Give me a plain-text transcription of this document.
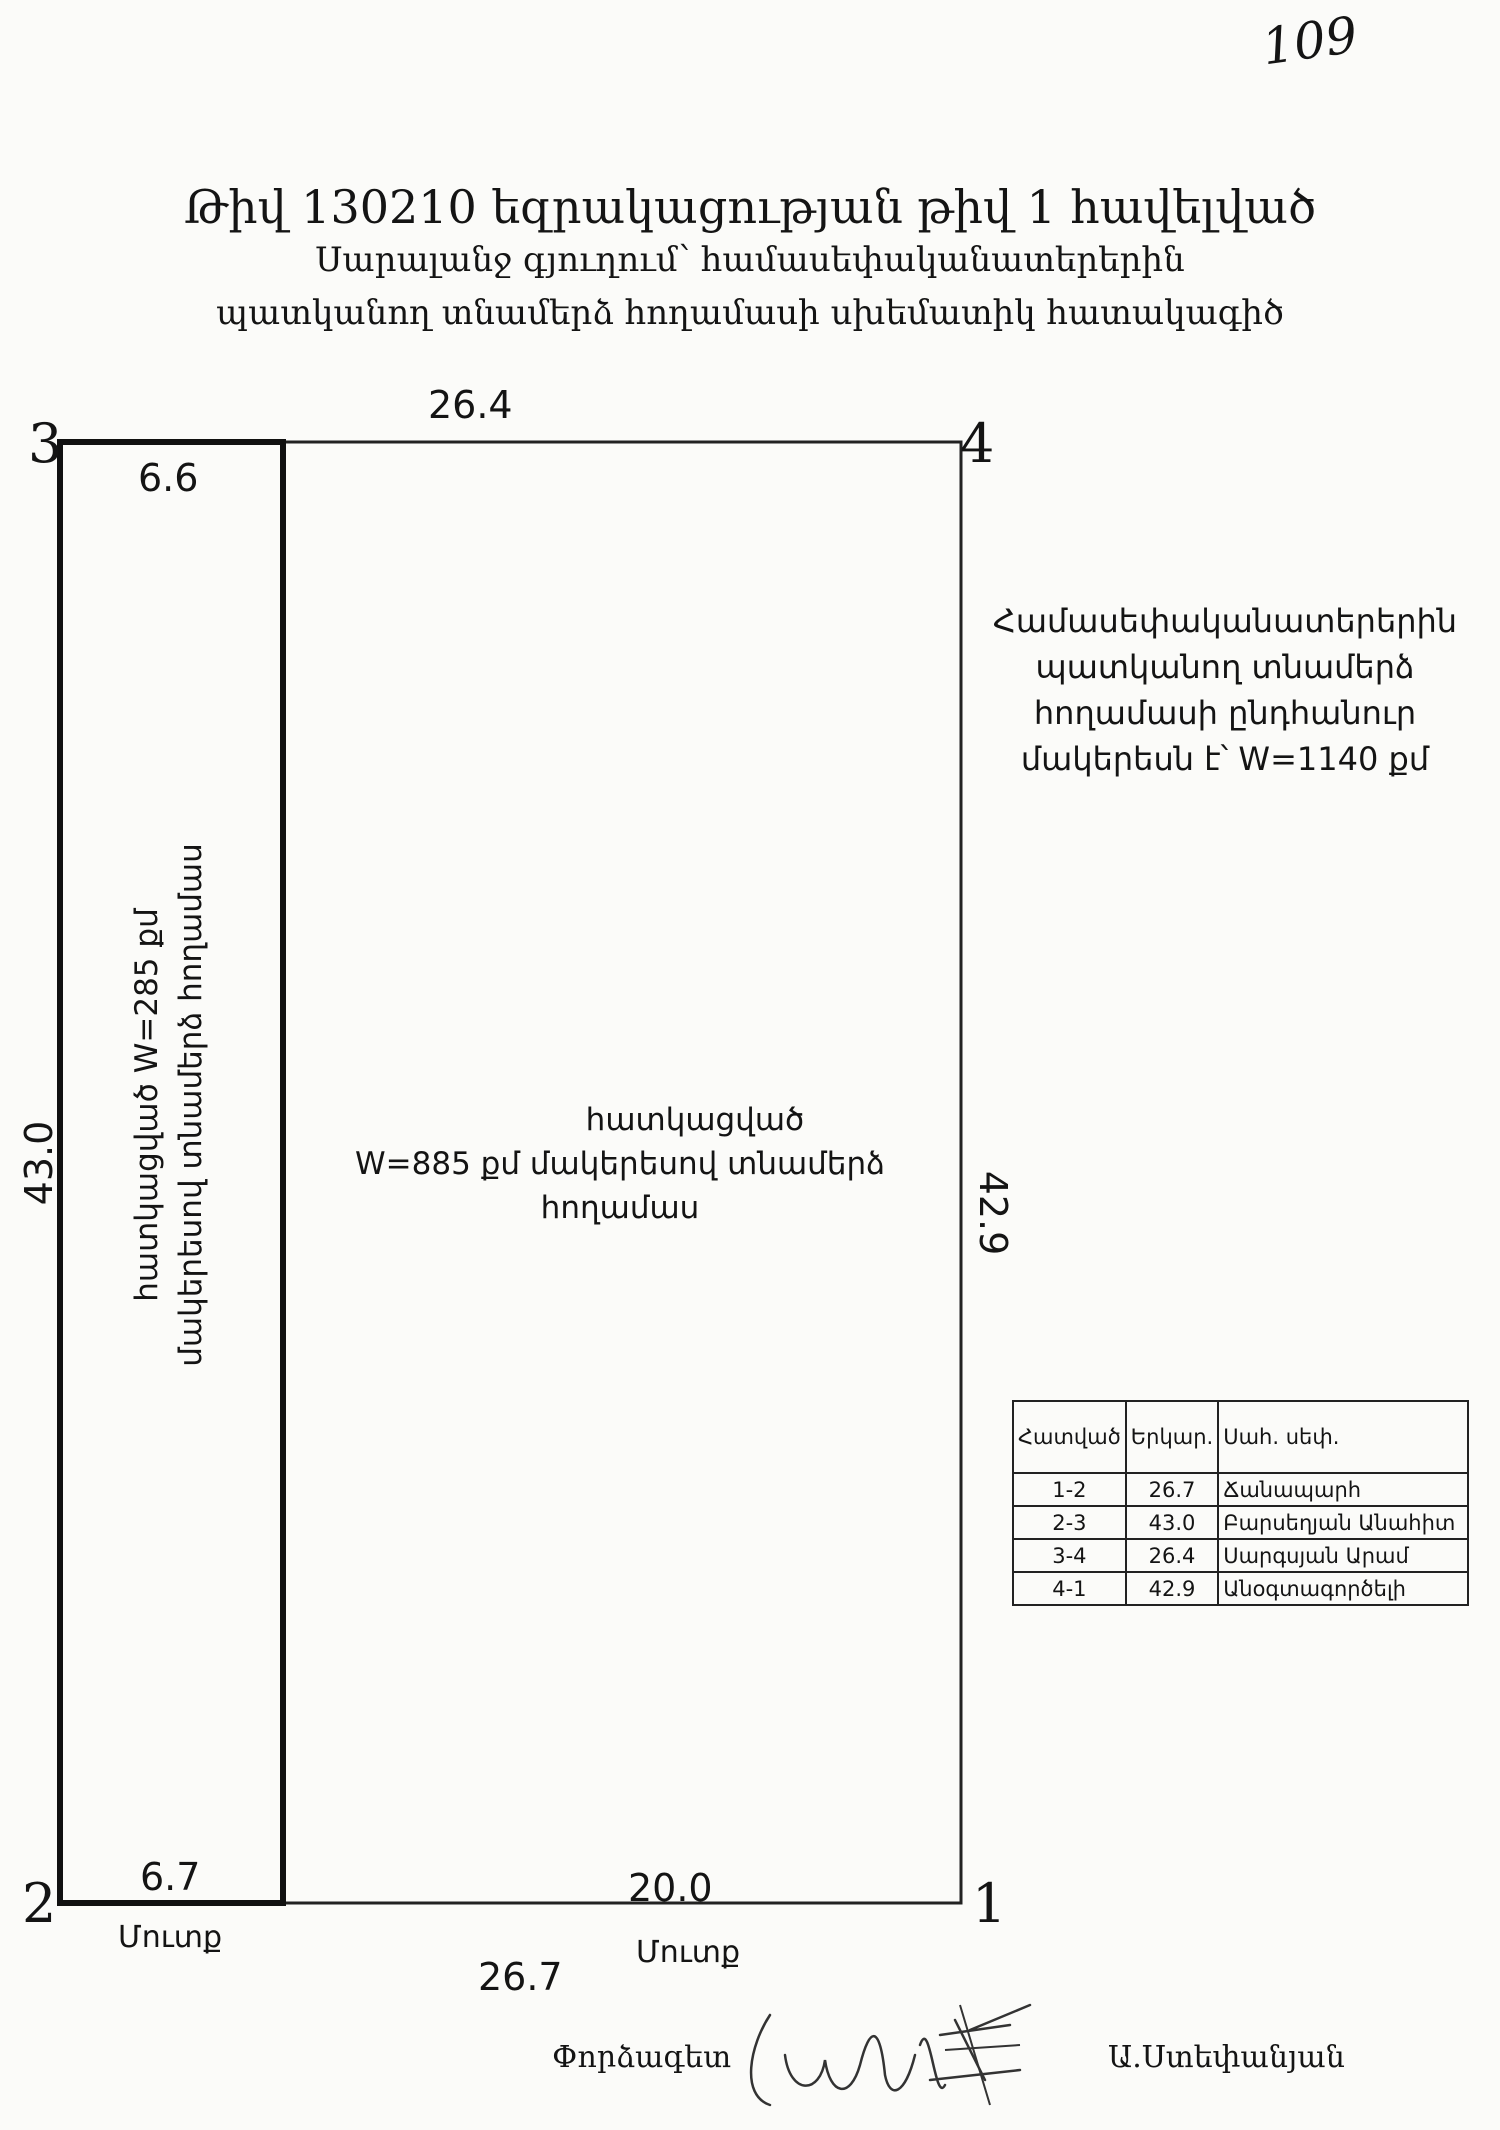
109
Թիվ 130210 եզրակացության թիվ 1 հավելված
Սարալանջ գյուղում՝ համասեփականատերերին
պատկանող տնամերձ հողամասի սխեմատիկ հատակագիծ
3	4
2	1
26.4
6.6
43.0
42.9
6.7	20.0
26.7
հատկացված W=285 քմ մակերեսով տնամերձ հողամաս	հատկացված
W=885 քմ մակերեսով տնամերձ
հողամաս
Համասեփականատերերին
պատկանող տնամերձ
հողամասի ընդհանուր
մակերեսն է՝ W=1140 քմ
Հատված	Երկար.	Սահ. սեփ.
1-2	26.7	Ճանապարհ
2-3	43.0	Բարսեղյան Անահիտ
3-4	26.4	Սարգսյան Արամ
4-1	42.9	Անօգտագործելի
Մուտք	Մուտք
Փորձագետ	Ա.Ստեփանյան
